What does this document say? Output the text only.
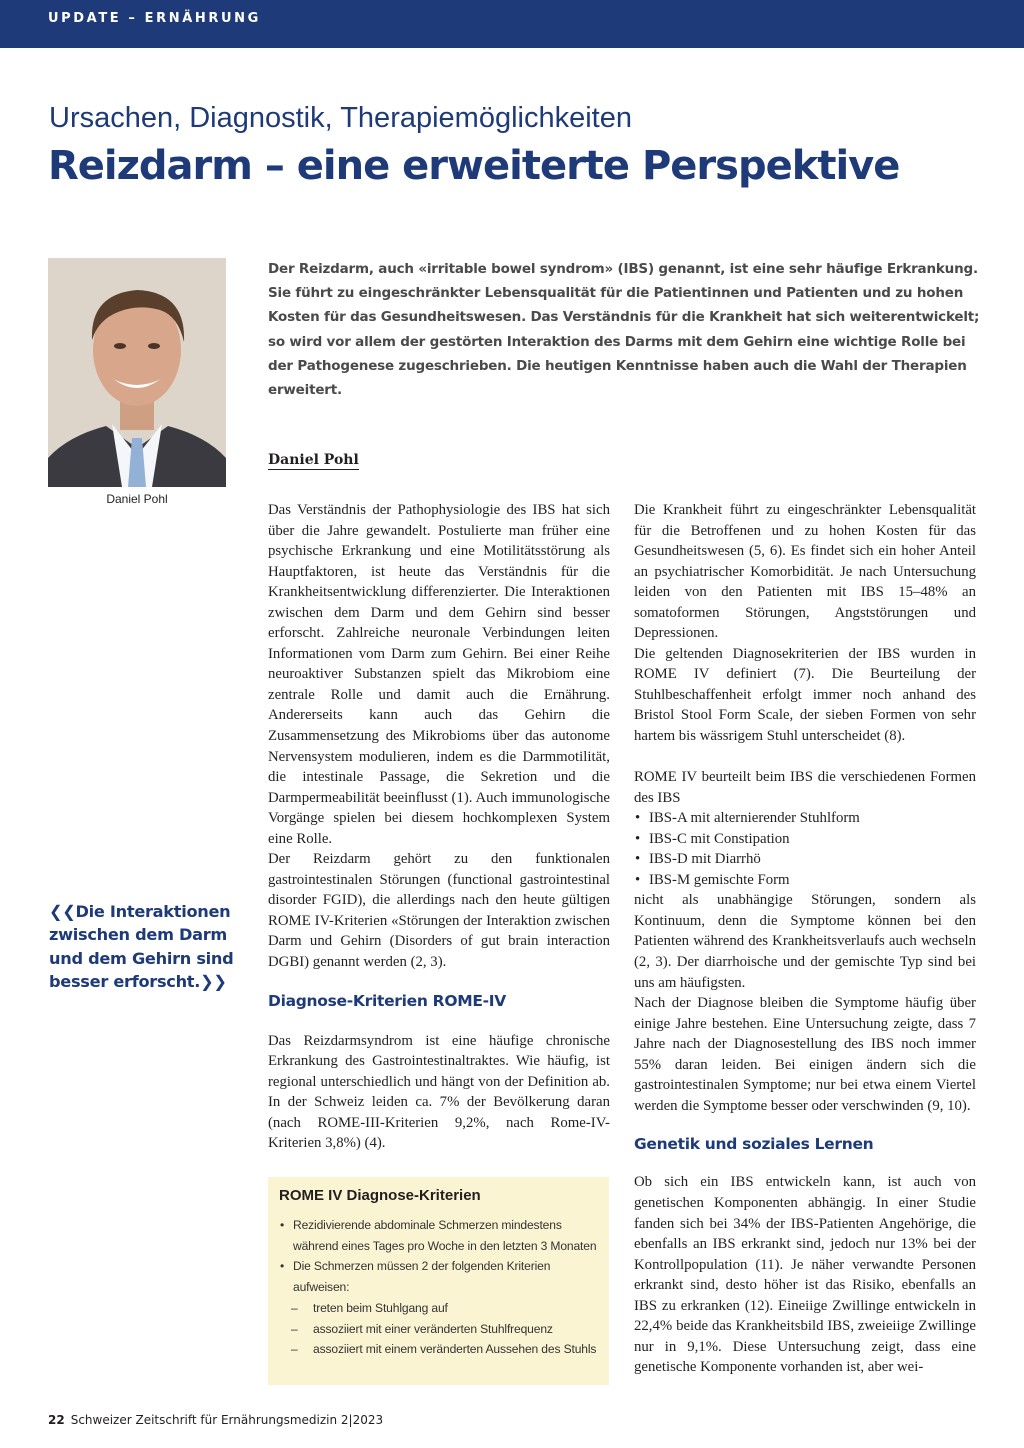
UPDATE – ERNÄHRUNG
Ursachen, Diagnostik, Therapiemöglichkeiten
Reizdarm – eine erweiterte Perspektive
Daniel Pohl

Der Reizdarm, auch «irritable bowel syndrom» (IBS) genannt, ist eine sehr häufige Erkrankung. Sie führt zu eingeschränkter Lebensqualität für die Patientinnen und Patienten und zu hohen Kosten für das Gesundheitswesen. Das Verständnis für die Krankheit hat sich weiterentwickelt; so wird vor allem der gestörten Interaktion des Darms mit dem Gehirn eine wichtige Rolle bei der Pathogenese zugeschrieben. Die heutigen Kenntnisse haben auch die Wahl der Therapien erweitert.

Daniel Pohl

Das Verständnis der Pathophysiologie des IBS hat sich über die Jahre gewandelt. Postulierte man früher eine psychische Erkrankung und eine Motilitätsstörung als Hauptfaktoren, ist heute das Verständnis für die Krankheitsentwicklung differenzierter. Die Interaktionen zwischen dem Darm und dem Gehirn sind besser erforscht. Zahlreiche neuronale Verbindungen leiten Informationen vom Darm zum Gehirn. Bei einer Reihe neuroaktiver Substanzen spielt das Mikrobiom eine zentrale Rolle und damit auch die Ernährung. Andererseits kann auch das Gehirn die Zusammensetzung des Mikrobioms über das autonome Nervensystem modulieren, indem es die Darmmotilität, die intestinale Passage, die Sekretion und die Darmpermeabilität beeinflusst (1). Auch immunologische Vorgänge spielen bei diesem hochkomplexen System eine Rolle.

Der Reizdarm gehört zu den funktionalen gastrointestinalen Störungen (functional gastrointestinal disorder FGID), die allerdings nach den heute gültigen ROME IV-Kriterien «Störungen der Interaktion zwischen Darm und Gehirn (Disorders of gut brain interaction DGBI) genannt werden (2, 3).

Diagnose-Kriterien ROME-IV

Das Reizdarmsyndrom ist eine häufige chronische Erkrankung des Gastrointestinaltraktes. Wie häufig, ist regional unterschiedlich und hängt von der Definition ab. In der Schweiz leiden ca. 7% der Bevölkerung daran (nach ROME-III-Kriterien 9,2%, nach Rome-IV-Kriterien 3,8%) (4).

❮❮Die Interaktionen zwischen dem Darm und dem Gehirn sind besser erforscht.❯❯
ROME IV Diagnose-Kriterien
• Rezidivierende abdominale Schmerzen mindestens während eines Tages pro Woche in den letzten 3 Monaten
• Die Schmerzen müssen 2 der folgenden Kriterien aufweisen:
– treten beim Stuhlgang auf
– assoziiert mit einer veränderten Stuhlfrequenz
– assoziiert mit einem veränderten Aussehen des Stuhls

Die Krankheit führt zu eingeschränkter Lebensqualität für die Betroffenen und zu hohen Kosten für das Gesundheitswesen (5, 6). Es findet sich ein hoher Anteil an psychiatrischer Komorbidität. Je nach Untersuchung leiden von den Patienten mit IBS 15–48% an somatoformen Störungen, Angststörungen und Depressionen.

Die geltenden Diagnosekriterien der IBS wurden in ROME IV definiert (7). Die Beurteilung der Stuhlbeschaffenheit erfolgt immer noch anhand des Bristol Stool Form Scale, der sieben Formen von sehr hartem bis wässrigem Stuhl unterscheidet (8).

ROME IV beurteilt beim IBS die verschiedenen Formen des IBS

• IBS-A mit alternierender Stuhlform
• IBS-C mit Constipation
• IBS-D mit Diarrhö
• IBS-M gemischte Form

nicht als unabhängige Störungen, sondern als Kontinuum, denn die Symptome können bei den Patienten während des Krankheitsverlaufs auch wechseln (2, 3). Der diarrhoische und der gemischte Typ sind bei uns am häufigsten.

Nach der Diagnose bleiben die Symptome häufig über einige Jahre bestehen. Eine Untersuchung zeigte, dass 7 Jahre nach der Diagnosestellung des IBS noch immer 55% daran leiden. Bei einigen ändern sich die gastrointestinalen Symptome; nur bei etwa einem Viertel werden die Symptome besser oder verschwinden (9, 10).

Genetik und soziales Lernen

Ob sich ein IBS entwickeln kann, ist auch von genetischen Komponenten abhängig. In einer Studie fanden sich bei 34% der IBS-Patienten Angehörige, die ebenfalls an IBS erkrankt sind, jedoch nur 13% bei der Kontrollpopulation (11). Je näher verwandte Personen erkrankt sind, desto höher ist das Risiko, ebenfalls an IBS zu erkranken (12). Eineiige Zwillinge entwickeln in 22,4% beide das Krankheitsbild IBS, zweieiige Zwillinge nur in 9,1%. Diese Untersuchung zeigt, dass eine genetische Komponente vorhanden ist, aber wei-

22 Schweizer Zeitschrift für Ernährungsmedizin 2|2023
